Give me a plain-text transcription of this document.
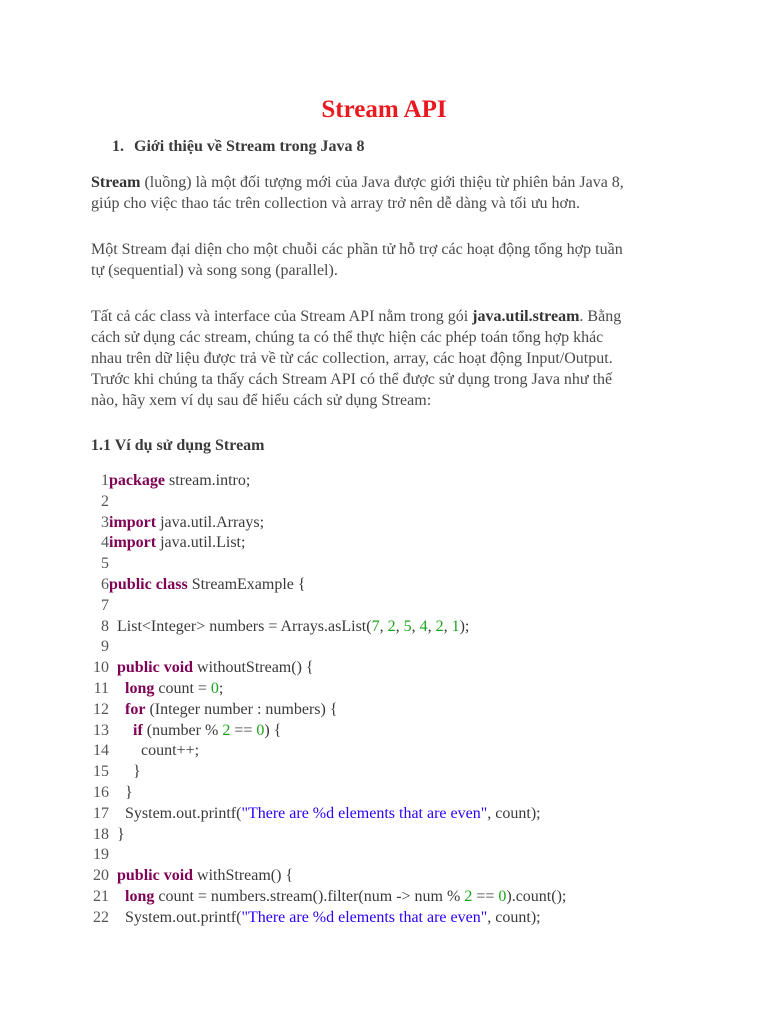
Stream API
1. Giới thiệu về Stream trong Java 8
Stream (luồng) là một đối tượng mới của Java được giới thiệu từ phiên bản Java 8,
giúp cho việc thao tác trên collection và array trở nên dễ dàng và tối ưu hơn.
Một Stream đại diện cho một chuỗi các phần tử hỗ trợ các hoạt động tổng hợp tuần
tự (sequential) và song song (parallel).
Tất cả các class và interface của Stream API nằm trong gói java.util.stream. Bằng
cách sử dụng các stream, chúng ta có thể thực hiện các phép toán tổng hợp khác
nhau trên dữ liệu được trả về từ các collection, array, các hoạt động Input/Output.
Trước khi chúng ta thấy cách Stream API có thể được sử dụng trong Java như thế
nào, hãy xem ví dụ sau để hiểu cách sử dụng Stream:
1.1 Ví dụ sử dụng Stream
1package stream.intro;
2
3import java.util.Arrays;
4import java.util.List;
5
6public class StreamExample {
7
8  List<Integer> numbers = Arrays.asList(7, 2, 5, 4, 2, 1);
9
10 public void withoutStream() {
11 long count = 0;
12 for (Integer number : numbers) {
13 if (number % 2 == 0) {
14        count++;
15      }
16    }
17    System.out.printf("There are %d elements that are even", count);
18  }
19
20 public void withStream() {
21 long count = numbers.stream().filter(num -> num % 2 == 0).count();
22    System.out.printf("There are %d elements that are even", count);
